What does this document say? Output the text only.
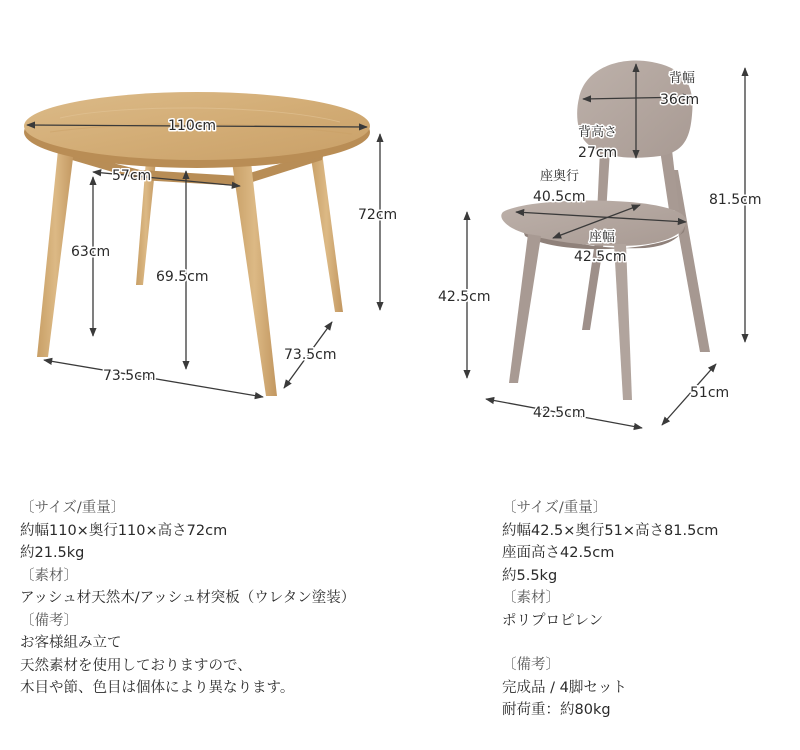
110cm
72cm
57cm
63cm
69.5cm
73.5cm
73.5cm
背幅
36cm
背高さ
27cm
座奥行
40.5cm
座幅
42.5cm
81.5cm
42.5cm
42.5cm
51cm
〔サイズ/重量〕
約幅110×奥行110×高さ72cm
約21.5kg
〔素材〕
アッシュ材天然木/アッシュ材突板（ウレタン塗装）
〔備考〕
お客様組み立て
天然素材を使用しておりますので、
木目や節、色目は個体により異なります。
〔サイズ/重量〕
約幅42.5×奥行51×高さ81.5cm
座面高さ42.5cm
約5.5kg
〔素材〕
ポリプロピレン
〔備考〕
完成品 / 4脚セット
耐荷重：約80kg
